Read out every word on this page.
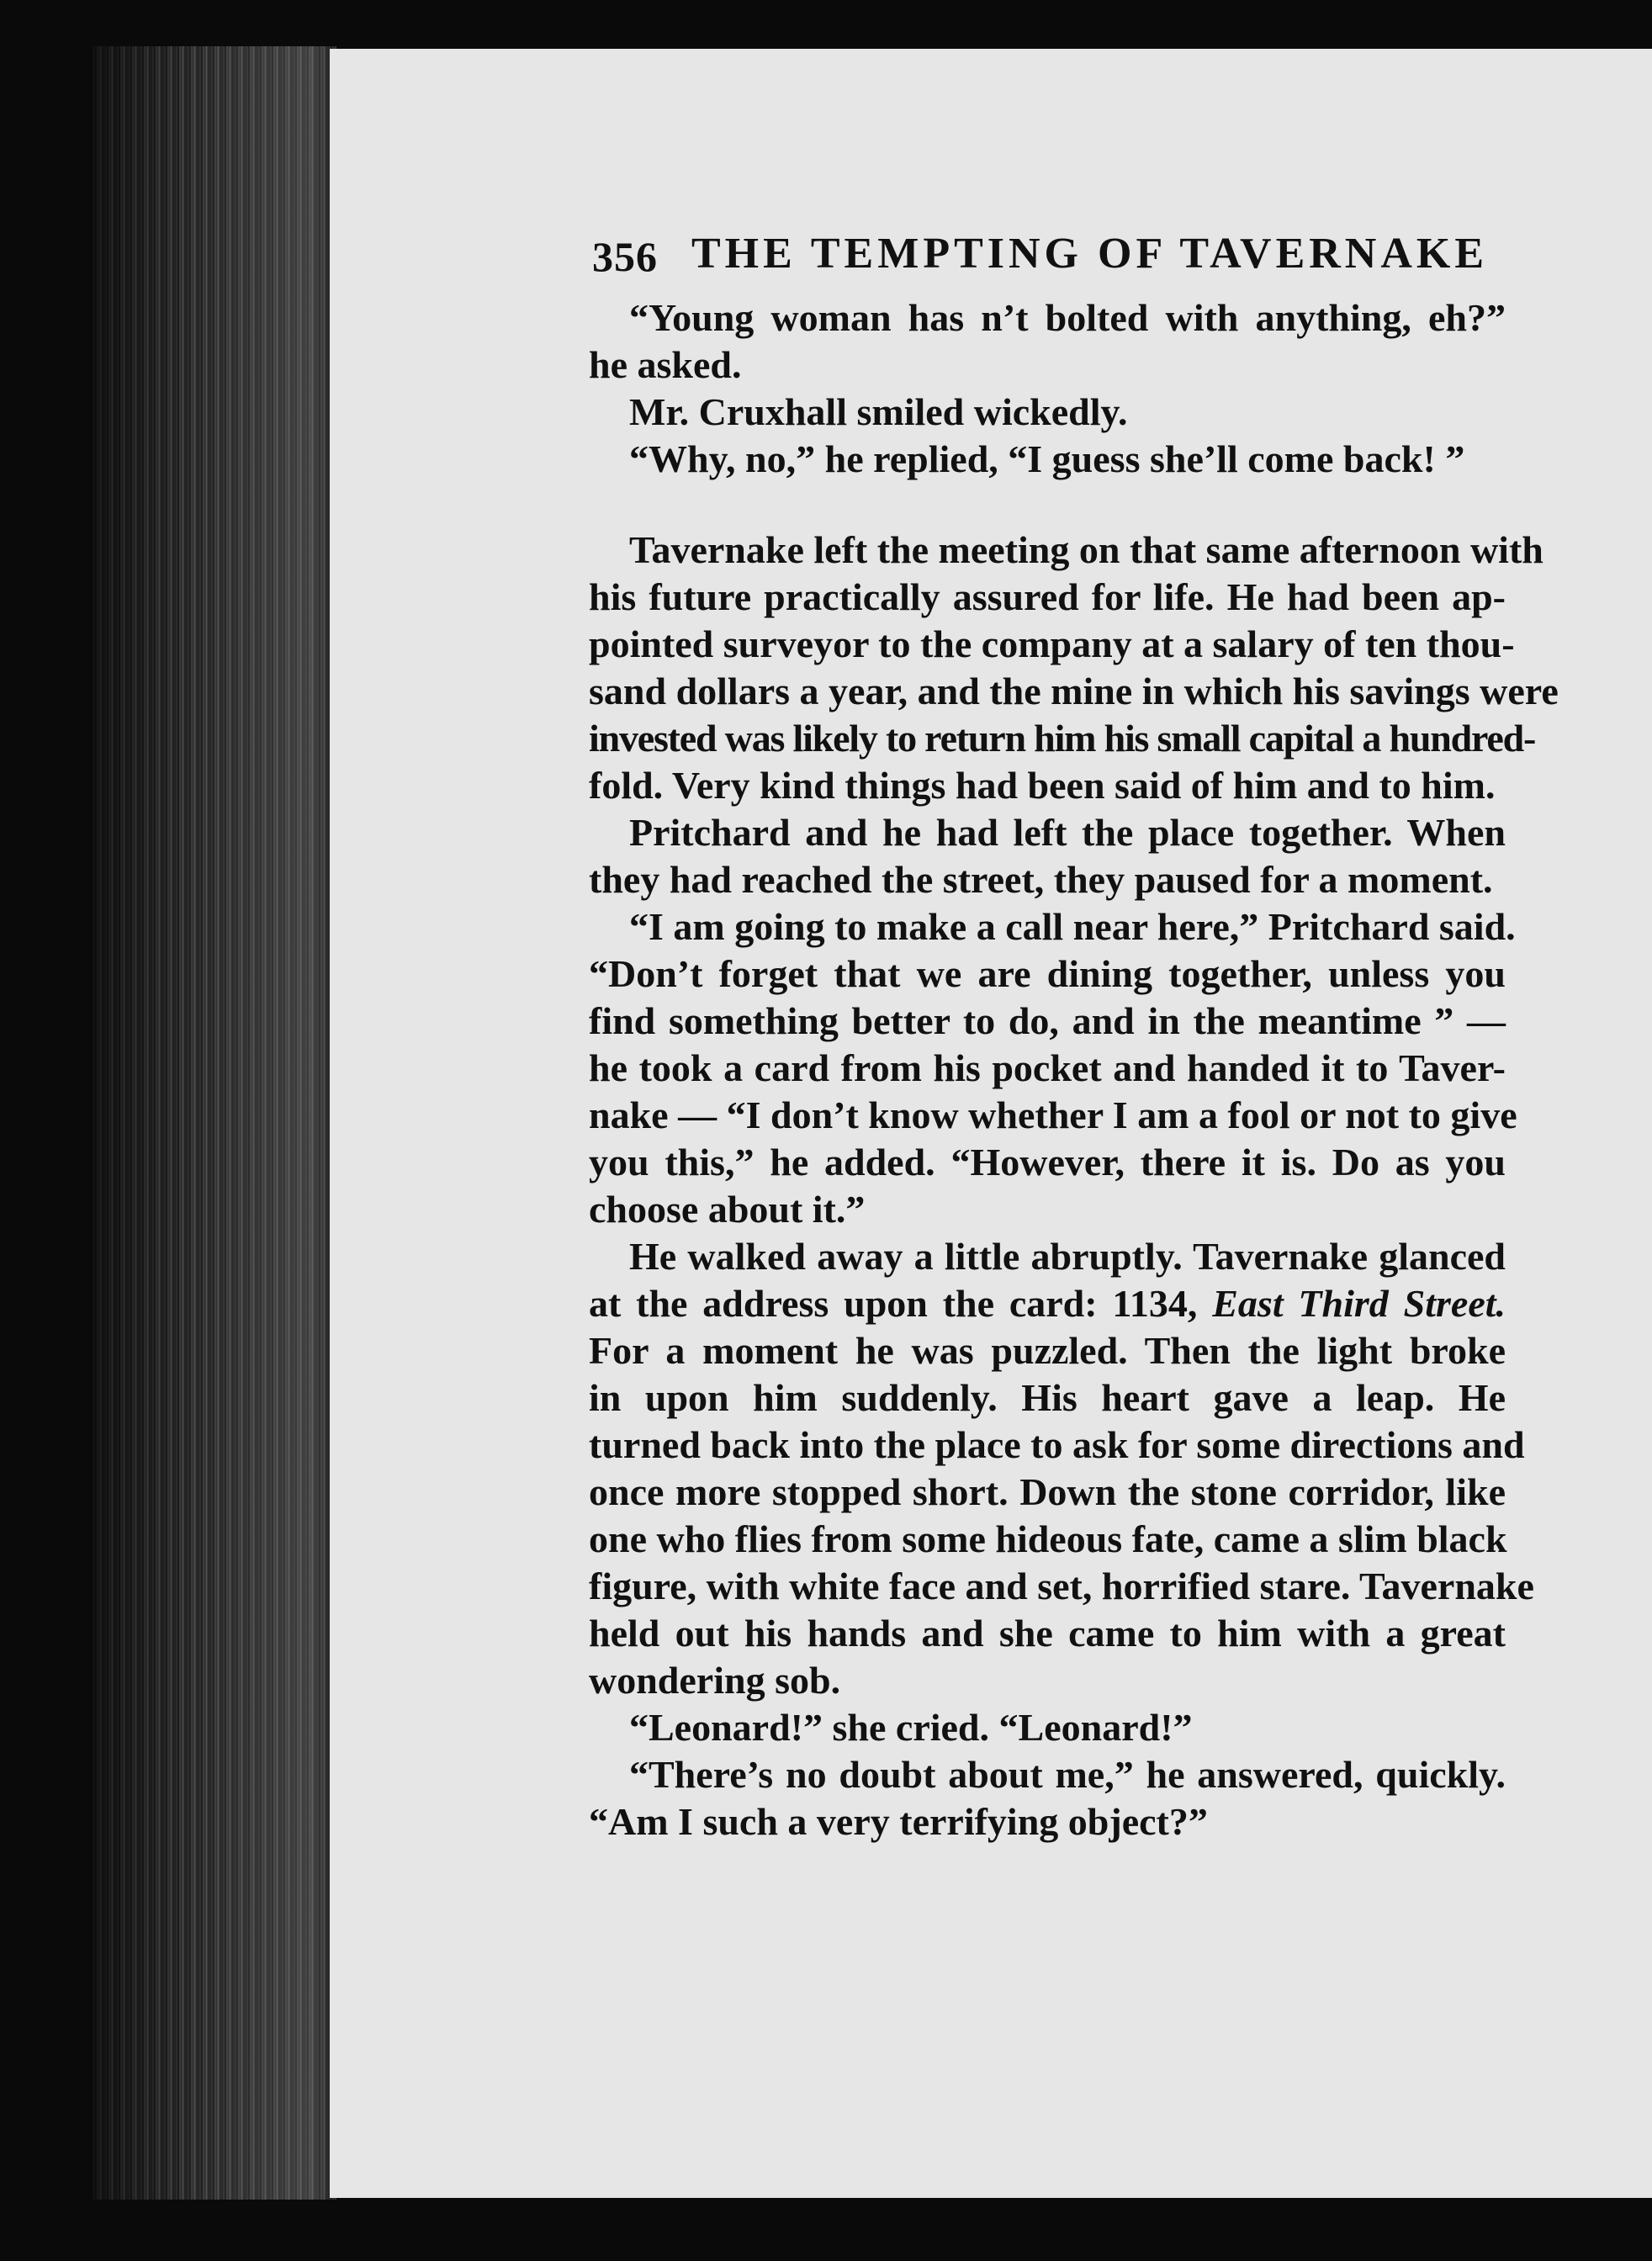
356 THE TEMPTING OF TAVERNAKE

“Young woman has n’t bolted with anything, eh?”
he asked.

Mr. Cruxhall smiled wickedly.

“Why, no,” he replied, “I guess she’ll come back! ”

Tavernake left the meeting on that same afternoon with
his future practically assured for life. He had been ap-
pointed surveyor to the company at a salary of ten thou-
sand dollars a year, and the mine in which his savings were
invested was likely to return him his small capital a hundred-
fold. Very kind things had been said of him and to him.

Pritchard and he had left the place together. When
they had reached the street, they paused for a moment.

“I am going to make a call near here,” Pritchard said.
“Don’t forget that we are dining together, unless you
find something better to do, and in the meantime ” —
he took a card from his pocket and handed it to Taver-
nake — “I don’t know whether I am a fool or not to give
you this,” he added. “However, there it is. Do as you
choose about it.”

He walked away a little abruptly. Tavernake glanced
at the address upon the card: 1134, East Third Street.
For a moment he was puzzled. Then the light broke
in upon him suddenly. His heart gave a leap. He
turned back into the place to ask for some directions and
once more stopped short. Down the stone corridor, like
one who flies from some hideous fate, came a slim black
figure, with white face and set, horrified stare. Tavernake
held out his hands and she came to him with a great
wondering sob.

“Leonard!” she cried. “Leonard!”

“There’s no doubt about me,” he answered, quickly.
“Am I such a very terrifying object?”
